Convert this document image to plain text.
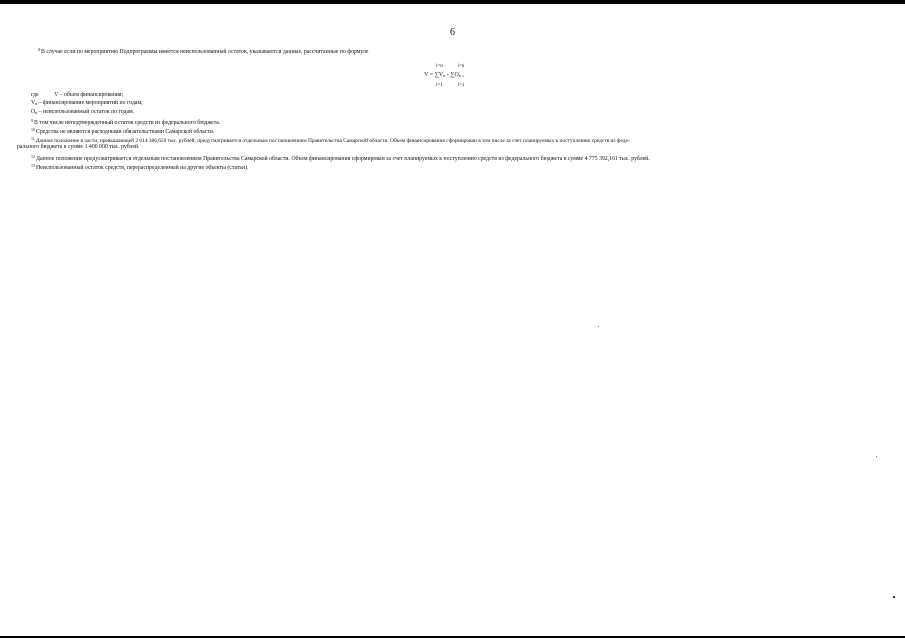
6
$^8$В случае если по мероприятию Подпрограммы имеется неиспользованный остаток, указываются данные, рассчитанные по формуле
i=n	i=n
$V = \sum V_n - \sum O_n$ ,
i=1	i=1
где	V – объем финансирования;
$V_n$ – финансирование мероприятий по годам;
$O_n$ – неиспользованный остаток по годам.
$^9$В том числе неподтвержденный остаток средств из федерального бюджета.
$^{10}$Средства не являются расходными обязательствами Самарской области.
$^{11}$Данное положение в части, превышающей 2 014 386,659 тыс. рублей, предусматривается отдельным постановлением Правительства Самарской области. Объем финансирования сформирован в том числе за счет планируемых к поступлению средств из феде-
рального бюджета в сумме 1 400 000 тыс. рублей.
$^{12}$Данное положение предусматривается отдельным постановлением Правительства Самарской области. Объем финансирования сформирован за счет планируемых к поступлению средств из федерального бюджета в сумме 4 775 392,161 тыс. рублей.
$^{13}$Неиспользованный остаток средств, перераспределенный на другие объекты (статьи).
